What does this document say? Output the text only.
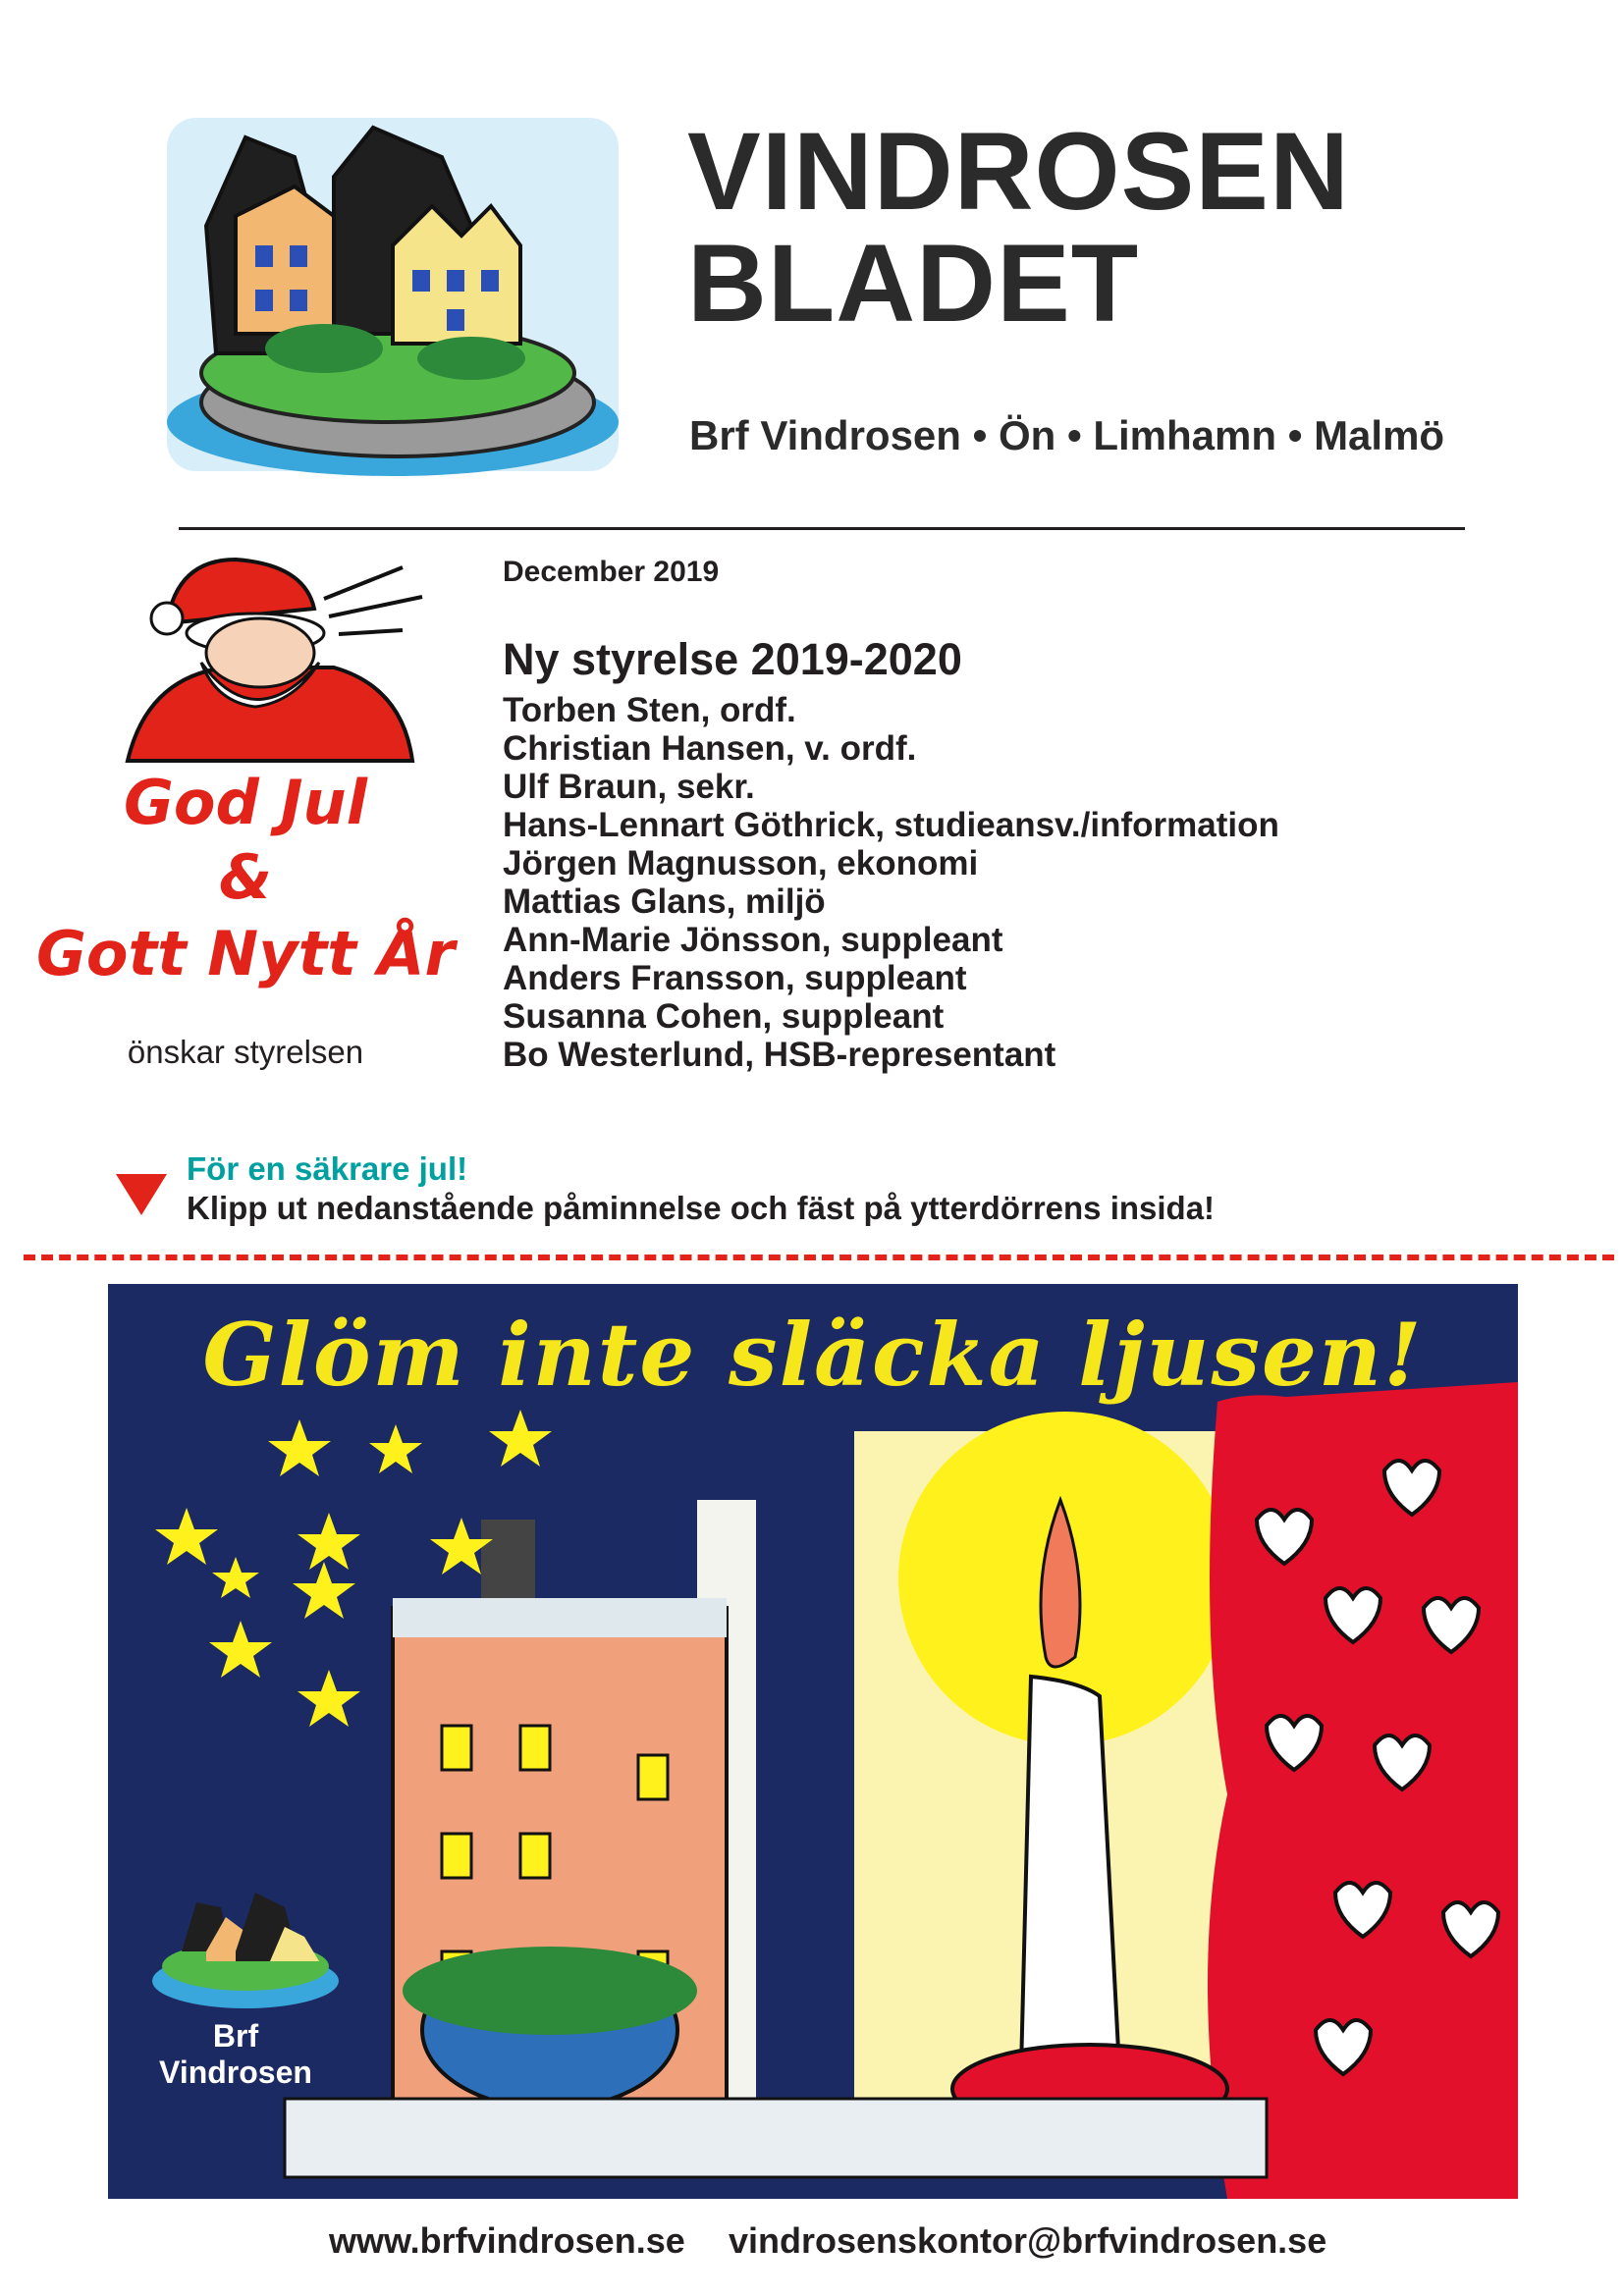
VINDROSEN
BLADET
Brf Vindrosen • Ön • Limhamn • Malmö
God Jul
&
Gott Nytt År
önskar styrelsen
December 2019
Ny styrelse 2019-2020
Torben Sten, ordf.
Christian Hansen, v. ordf.
Ulf Braun, sekr.
Hans-Lennart Göthrick, studieansv./information
Jörgen Magnusson, ekonomi
Mattias Glans, miljö
Ann-Marie Jönsson, suppleant
Anders Fransson, suppleant
Susanna Cohen, suppleant
Bo Westerlund, HSB-representant
För en säkrare jul!
Klipp ut nedanstående påminnelse och fäst på ytterdörrens insida!
Glöm inte släcka ljusen!
Brf Vindrosen
www.brfvindrosen.se vindrosenskontor@brfvindrosen.se
